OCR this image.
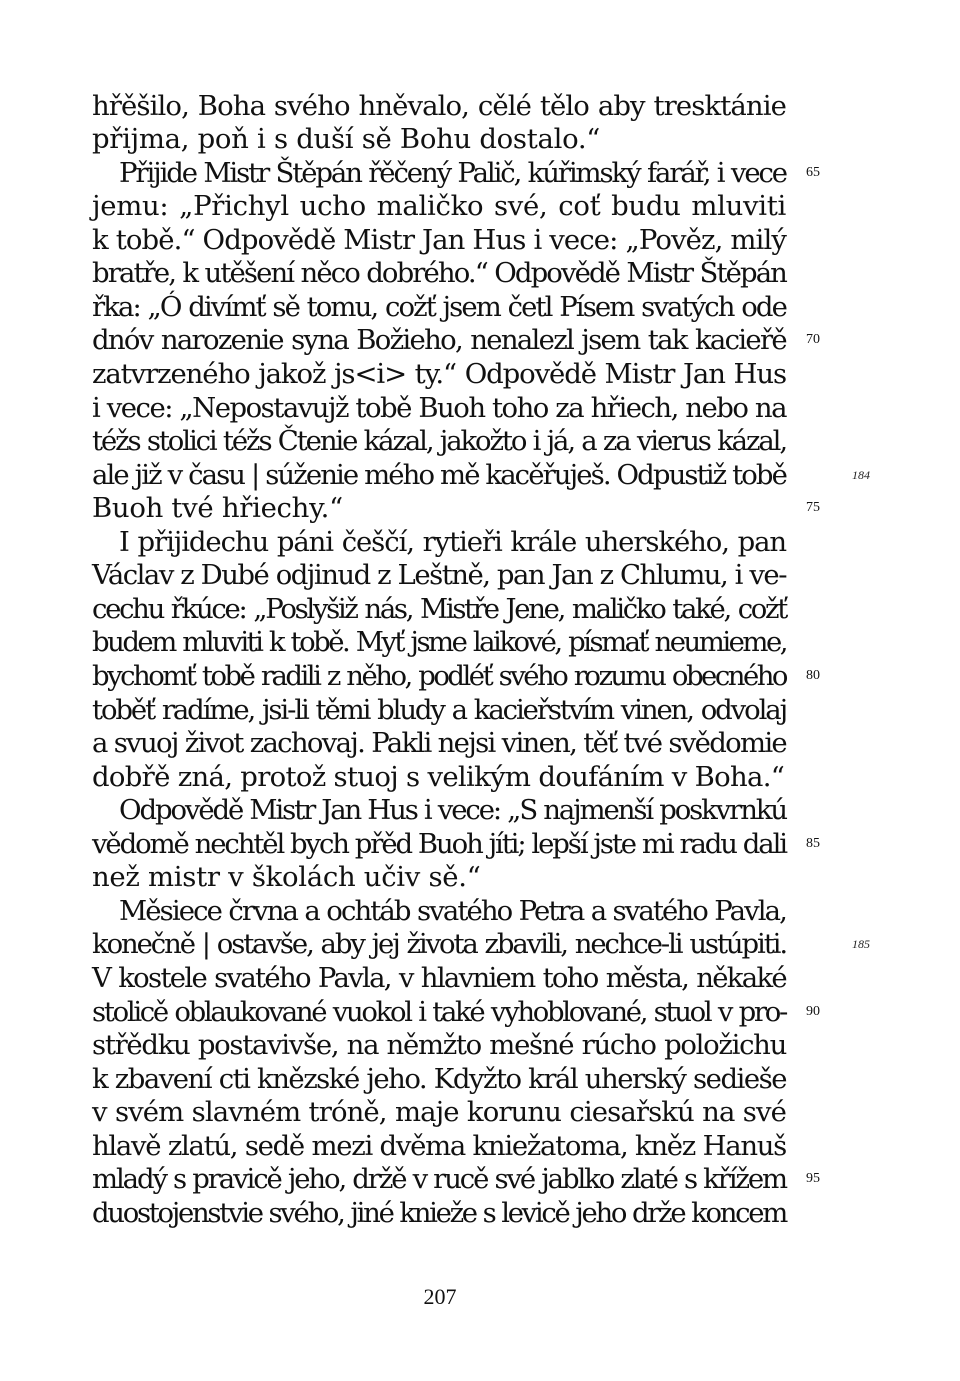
hřěšilo, Boha svého hněvalo, cělé tělo aby tresktánie
přijma, poň i s duší sě Bohu dostalo.“
Přijide Mistr Štěpán řěčený Palič, kúřimský farář, i vece
jemu: „Přichyl ucho maličko své, coť budu mluviti
k tobě.“ Odpovědě Mistr Jan Hus i vece: „Pověz, milý
bratře, k utěšení něco dobrého.“ Odpovědě Mistr Štěpán
řka: „Ó divímť sě tomu, cožť jsem četl Písem svatých ode
dnóv narozenie syna Božieho, nenalezl jsem tak kacieřě
zatvrzeného jakož js<i> ty.“ Odpovědě Mistr Jan Hus
i vece: „Nepostavujž tobě Buoh toho za hřiech, nebo na
téžs stolici téžs Čtenie kázal, jakožto i já, a za vierus kázal,
ale již v času | súženie mého mě kacěřuješ. Odpustiž tobě
Buoh tvé hřiechy.“
I přijidechu páni češčí, rytieři krále uherského, pan
Václav z Dubé odjinud z Leštně, pan Jan z Chlumu, i ve-
cechu řkúce: „Poslyšiž nás, Mistře Jene, maličko také, cožť
budem mluviti k tobě. Myť jsme laikové, písmať neumieme,
bychomť tobě radili z něho, podléť svého rozumu obecného
toběť radíme, jsi-li těmi bludy a kacieřstvím vinen, odvolaj
a svuoj život zachovaj. Pakli nejsi vinen, těť tvé svědomie
dobřě zná, protož stuoj s velikým doufáním v Boha.“
Odpovědě Mistr Jan Hus i vece: „S najmenší poskvrnkú
vědomě nechtěl bych přěd Buoh jíti; lepší jste mi radu dali
než mistr v školách učiv sě.“
Měsiece črvna a ochtáb svatého Petra a svatého Pavla,
konečně | ostavše, aby jej života zbavili, nechce-li ustúpiti.
V kostele svatého Pavla, v hlavniem toho města, někaké
stolicě oblaukované vuokol i také vyhoblované, stuol v pro-
střědku postavivše, na němžto mešné rúcho položichu
k zbavení cti knězské jeho. Kdyžto král uherský sedieše
v svém slavném tróně, maje korunu ciesařskú na své
hlavě zlatú, sedě mezi dvěma kniežatoma, kněz Hanuš
mladý s pravicě jeho, držě v rucě své jablko zlaté s křížem
duostojenstvie svého, jiné knieže s levicě jeho drže koncem
65
70
75
80
85
90
95
184
185
207
